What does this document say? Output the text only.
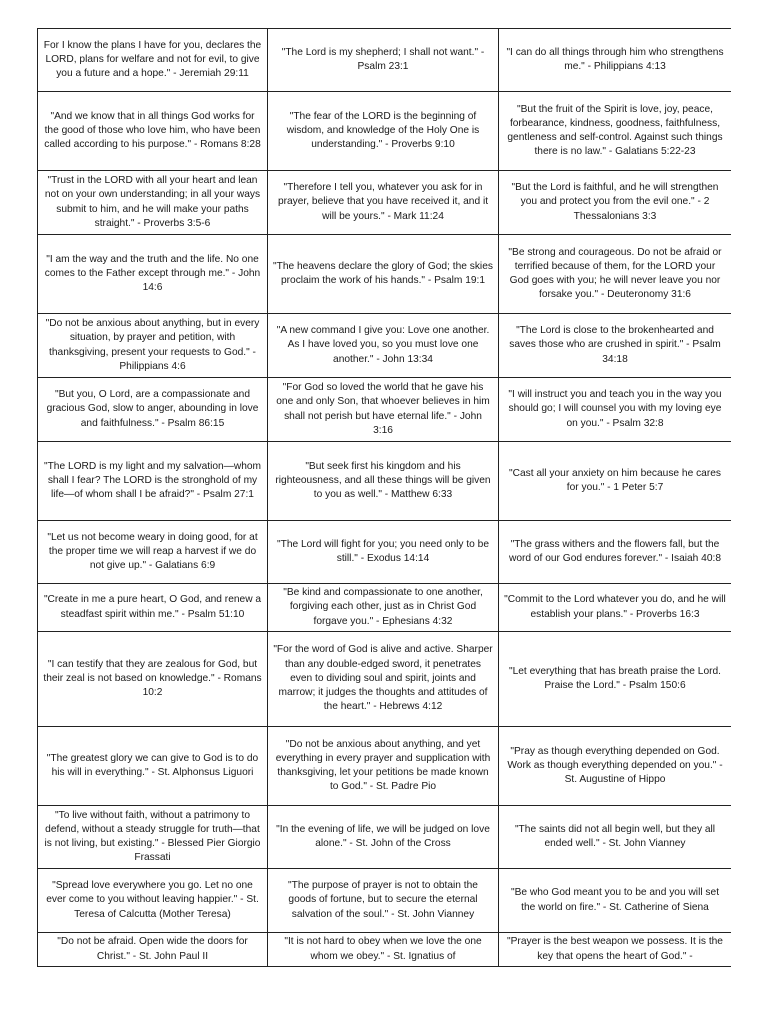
For I know the plans I have for you, declares the LORD, plans for welfare and not for evil, to give you a future and a hope." - Jeremiah 29:11	"The Lord is my shepherd; I shall not want." - Psalm 23:1	"I can do all things through him who strengthens me." - Philippians 4:13
"And we know that in all things God works for the good of those who love him, who have been called according to his purpose." - Romans 8:28	"The fear of the LORD is the beginning of wisdom, and knowledge of the Holy One is understanding." - Proverbs 9:10	"But the fruit of the Spirit is love, joy, peace, forbearance, kindness, goodness, faithfulness, gentleness and self-control. Against such things there is no law." - Galatians 5:22-23
"Trust in the LORD with all your heart and lean not on your own understanding; in all your ways submit to him, and he will make your paths straight." - Proverbs 3:5-6	"Therefore I tell you, whatever you ask for in prayer, believe that you have received it, and it will be yours." - Mark 11:24	"But the Lord is faithful, and he will strengthen you and protect you from the evil one." - 2 Thessalonians 3:3
"I am the way and the truth and the life. No one comes to the Father except through me." - John 14:6	"The heavens declare the glory of God; the skies proclaim the work of his hands." - Psalm 19:1	"Be strong and courageous. Do not be afraid or terrified because of them, for the LORD your God goes with you; he will never leave you nor forsake you." - Deuteronomy 31:6
"Do not be anxious about anything, but in every situation, by prayer and petition, with thanksgiving, present your requests to God." - Philippians 4:6	"A new command I give you: Love one another. As I have loved you, so you must love one another." - John 13:34	"The Lord is close to the brokenhearted and saves those who are crushed in spirit." - Psalm 34:18
"But you, O Lord, are a compassionate and gracious God, slow to anger, abounding in love and faithfulness." - Psalm 86:15	"For God so loved the world that he gave his one and only Son, that whoever believes in him shall not perish but have eternal life." - John 3:16	"I will instruct you and teach you in the way you should go; I will counsel you with my loving eye on you." - Psalm 32:8
"The LORD is my light and my salvation—whom shall I fear? The LORD is the stronghold of my life—of whom shall I be afraid?" - Psalm 27:1	"But seek first his kingdom and his righteousness, and all these things will be given to you as well." - Matthew 6:33	"Cast all your anxiety on him because he cares for you." - 1 Peter 5:7
"Let us not become weary in doing good, for at the proper time we will reap a harvest if we do not give up." - Galatians 6:9	"The Lord will fight for you; you need only to be still." - Exodus 14:14	"The grass withers and the flowers fall, but the word of our God endures forever." - Isaiah 40:8
"Create in me a pure heart, O God, and renew a steadfast spirit within me." - Psalm 51:10	"Be kind and compassionate to one another, forgiving each other, just as in Christ God forgave you." - Ephesians 4:32	"Commit to the Lord whatever you do, and he will establish your plans." - Proverbs 16:3
"I can testify that they are zealous for God, but their zeal is not based on knowledge." - Romans 10:2	"For the word of God is alive and active. Sharper than any double-edged sword, it penetrates even to dividing soul and spirit, joints and marrow; it judges the thoughts and attitudes of the heart." - Hebrews 4:12	"Let everything that has breath praise the Lord. Praise the Lord." - Psalm 150:6
"The greatest glory we can give to God is to do his will in everything." - St. Alphonsus Liguori	"Do not be anxious about anything, and yet everything in every prayer and supplication with thanksgiving, let your petitions be made known to God." - St. Padre Pio	"Pray as though everything depended on God. Work as though everything depended on you." - St. Augustine of Hippo
"To live without faith, without a patrimony to defend, without a steady struggle for truth—that is not living, but existing." - Blessed Pier Giorgio Frassati	"In the evening of life, we will be judged on love alone." - St. John of the Cross	"The saints did not all begin well, but they all ended well." - St. John Vianney
"Spread love everywhere you go. Let no one ever come to you without leaving happier." - St. Teresa of Calcutta (Mother Teresa)	"The purpose of prayer is not to obtain the goods of fortune, but to secure the eternal salvation of the soul." - St. John Vianney	"Be who God meant you to be and you will set the world on fire." - St. Catherine of Siena
"Do not be afraid. Open wide the doors for Christ." - St. John Paul II	"It is not hard to obey when we love the one whom we obey." - St. Ignatius of	"Prayer is the best weapon we possess. It is the key that opens the heart of God." -
